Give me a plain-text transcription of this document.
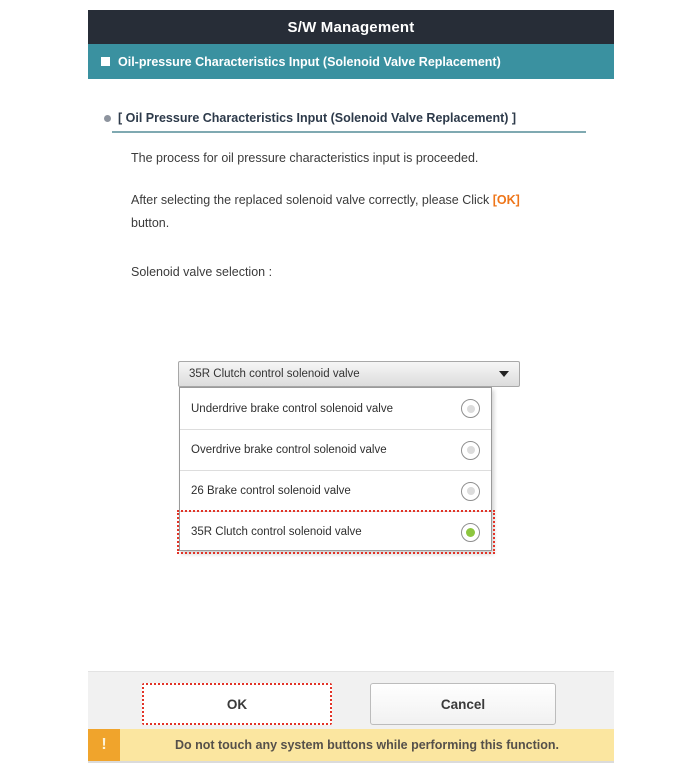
S/W Management
Oil-pressure Characteristics Input (Solenoid Valve Replacement)
[ Oil Pressure Characteristics Input (Solenoid Valve Replacement) ]
The process for oil pressure characteristics input is proceeded.
After selecting the replaced solenoid valve correctly, please Click [OK]
button.
Solenoid valve selection :
35R Clutch control solenoid valve
Underdrive brake control solenoid valve
Overdrive brake control solenoid valve
26 Brake control solenoid valve
35R Clutch control solenoid valve
OK	Cancel
!	Do not touch any system buttons while performing this function.
